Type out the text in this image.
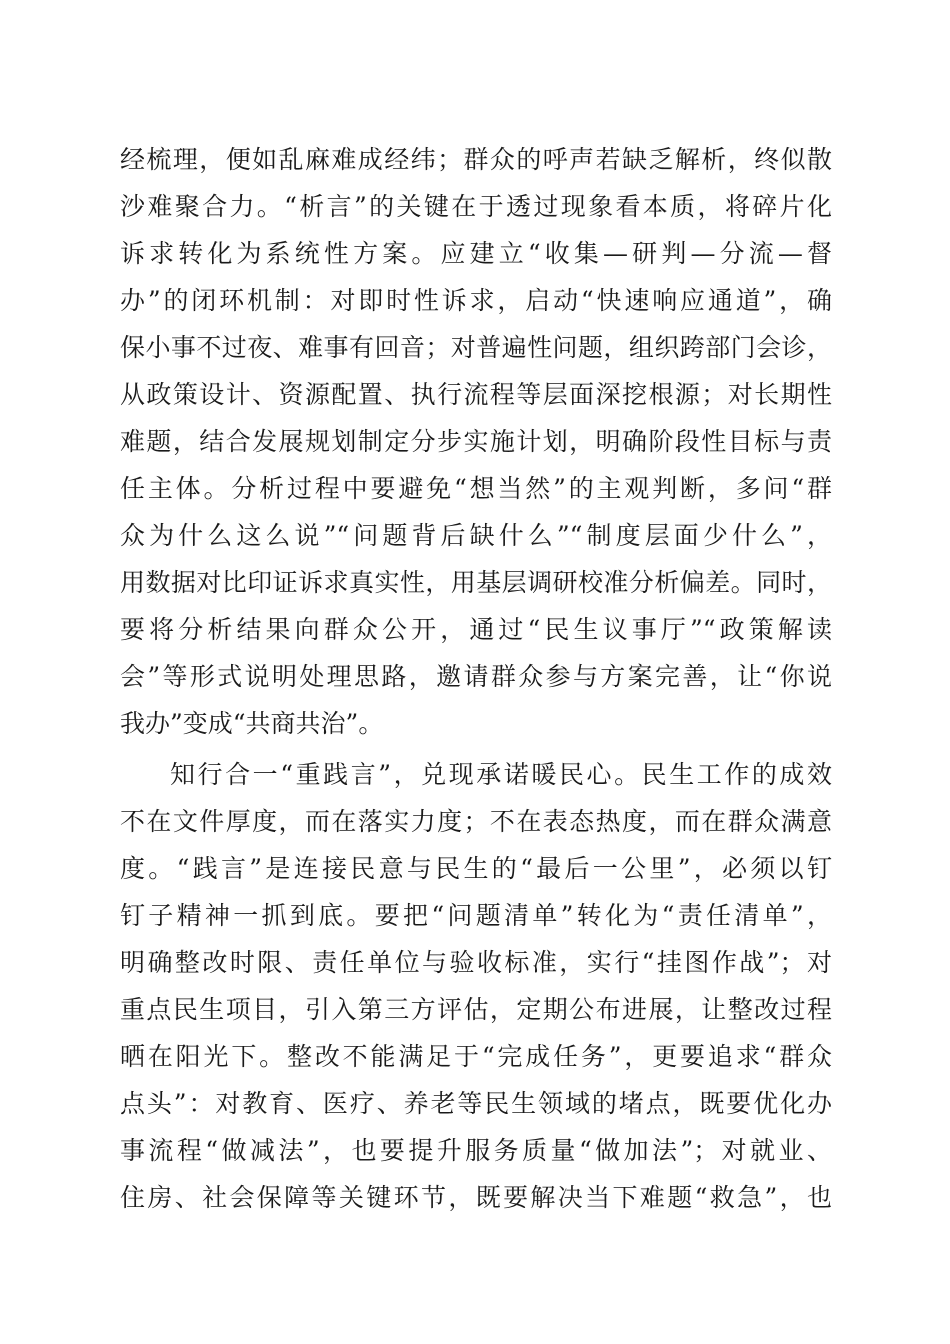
经梳理，便如乱麻难成经纬；群众的呼声若缺乏解析，终似散
沙难聚合力。“析言”的关键在于透过现象看本质，将碎片化
诉求转化为系统性方案。应建立“收集—研判—分流—督
办”的闭环机制：对即时性诉求，启动“快速响应通道”，确
保小事不过夜、难事有回音；对普遍性问题，组织跨部门会诊，
从政策设计、资源配置、执行流程等层面深挖根源；对长期性
难题，结合发展规划制定分步实施计划，明确阶段性目标与责
任主体。分析过程中要避免“想当然”的主观判断，多问“群
众为什么这么说”“问题背后缺什么”“制度层面少什么”，
用数据对比印证诉求真实性，用基层调研校准分析偏差。同时，
要将分析结果向群众公开，通过“民生议事厅”“政策解读
会”等形式说明处理思路，邀请群众参与方案完善，让“你说
我办”变成“共商共治”。
知行合一“重践言”，兑现承诺暖民心。民生工作的成效
不在文件厚度，而在落实力度；不在表态热度，而在群众满意
度。“践言”是连接民意与民生的“最后一公里”，必须以钉
钉子精神一抓到底。要把“问题清单”转化为“责任清单”，
明确整改时限、责任单位与验收标准，实行“挂图作战”；对
重点民生项目，引入第三方评估，定期公布进展，让整改过程
晒在阳光下。整改不能满足于“完成任务”，更要追求“群众
点头”：对教育、医疗、养老等民生领域的堵点，既要优化办
事流程“做减法”，也要提升服务质量“做加法”；对就业、
住房、社会保障等关键环节，既要解决当下难题“救急”，也
